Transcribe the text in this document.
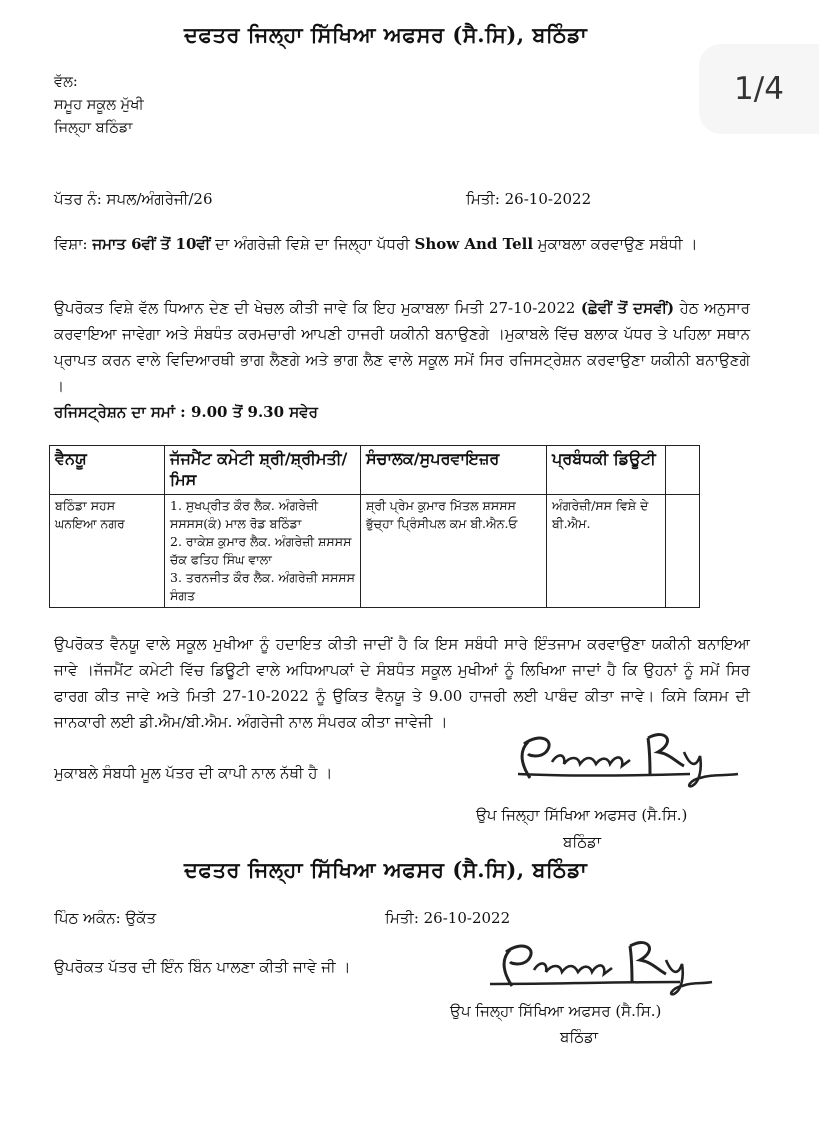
ਦਫਤਰ ਜਿਲ੍ਹਾ ਸਿੱਖਿਆ ਅਫਸਰ (ਸੈ.ਸਿ), ਬਠਿੰਡਾ
1/4
ਵੱਲ:
ਸਮੂਹ ਸਕੂਲ ਮੁੱਖੀ
ਜਿਲ੍ਹਾ ਬਠਿੰਡਾ
ਪੱਤਰ ਨੰ: ਸਪਲ/ਅੰਗਰੇਜੀ/26	ਮਿਤੀ: 26-10-2022
ਵਿਸ਼ਾ: ਜਮਾਤ 6ਵੀਂ ਤੋਂ 10ਵੀਂ ਦਾ ਅੰਗਰੇਜ਼ੀ ਵਿਸ਼ੇ ਦਾ ਜਿਲ੍ਹਾ ਪੱਧਰੀ Show And Tell ਮੁਕਾਬਲਾ ਕਰਵਾਉਣ ਸਬੰਧੀ ।
ਉਪਰੋਕਤ ਵਿਸ਼ੇ ਵੱਲ ਧਿਆਨ ਦੇਣ ਦੀ ਖੇਚਲ ਕੀਤੀ ਜਾਵੇ ਕਿ ਇਹ ਮੁਕਾਬਲਾ ਮਿਤੀ 27-10-2022 (ਛੇਵੀਂ ਤੋਂ ਦਸਵੀਂ) ਹੇਠ ਅਨੁਸਾਰ ਕਰਵਾਇਆ ਜਾਵੇਗਾ ਅਤੇ ਸੰਬਧੰਤ ਕਰਮਚਾਰੀ ਆਪਣੀ ਹਾਜਰੀ ਯਕੀਨੀ ਬਨਾਉਣਗੇ ।ਮੁਕਾਬਲੇ ਵਿੱਚ ਬਲਾਕ ਪੱਧਰ ਤੇ ਪਹਿਲਾ ਸਥਾਨ ਪ੍ਰਾਪਤ ਕਰਨ ਵਾਲੇ ਵਿਦਿਆਰਥੀ ਭਾਗ ਲੈਣਗੇ ਅਤੇ ਭਾਗ ਲੈਣ ਵਾਲੇ ਸਕੂਲ ਸਮੇਂ ਸਿਰ ਰਜਿਸਟ੍ਰੇਸ਼ਨ ਕਰਵਾਉਣਾ ਯਕੀਨੀ ਬਨਾਉਣਗੇ ।
ਰਜਿਸਟ੍ਰੇਸ਼ਨ ਦਾ ਸਮਾਂ : 9.00 ਤੋਂ 9.30 ਸਵੇਰ
ਵੈਨਯੂ	ਜੱਜਮੈਂਟ ਕਮੇਟੀ ਸ਼੍ਰੀ/ਸ਼੍ਰੀਮਤੀ/ਮਿਸ	ਸੰਚਾਲਕ/ਸੁਪਰਵਾਇਜ਼ਰ	ਪ੍ਰਬੰਧਕੀ ਡਿਊਟੀ	
ਬਠਿੰਡਾ ਸਹਸ ਘਨਇਆ ਨਗਰ	1. ਸੁਖਪ੍ਰੀਤ ਕੌਰ ਲੈਕ. ਅੰਗਰੇਜ਼ੀ ਸਸਸਸ(ਕੰ) ਮਾਲ ਰੋਡ ਬਠਿੰਡਾ
2. ਰਾਕੇਸ਼ ਕੁਮਾਰ ਲੈਕ. ਅੰਗਰੇਜ਼ੀ ਸ਼ਸਸਸ ਚੱਕ ਫਤਿਹ ਸਿੰਘ ਵਾਲਾ
3. ਤਰਨਜੀਤ ਕੌਰ ਲੈਕ. ਅੰਗਰੇਜ਼ੀ ਸਸਸਸ ਸੰਗਤ	ਸ਼੍ਰੀ ਪ੍ਰੇਮ ਕੁਮਾਰ ਮਿੱਤਲ ਸ਼ਸਸਸ ਭੁੱਚ੍ਹਾ ਪ੍ਰਿੰਸੀਪਲ ਕਮ ਬੀ.ਐਨ.ਓ	ਅੰਗਰੇਜ਼ੀ/ਸਸ ਵਿਸ਼ੇ ਦੇ ਬੀ.ਐਮ.	
ਉਪਰੋਕਤ ਵੈਨਯੂ ਵਾਲੇ ਸਕੂਲ ਮੁਖੀਆ ਨੂੰ ਹਦਾਇਤ ਕੀਤੀ ਜਾਦੀਂ ਹੈ ਕਿ ਇਸ ਸਬੰਧੀ ਸਾਰੇ ਇੰਤਜਾਮ ਕਰਵਾਉਣਾ ਯਕੀਨੀ ਬਨਾਇਆ ਜਾਵੇ ।ਜੱਜਮੈਂਟ ਕਮੇਟੀ ਵਿੱਚ ਡਿਊਟੀ ਵਾਲੇ ਅਧਿਆਪਕਾਂ ਦੇ ਸੰਬਧੰਤ ਸਕੂਲ ਮੁਖੀਆਂ ਨੂੰ ਲਿਖਿਆ ਜਾਦਾਂ ਹੈ ਕਿ ਉਹਨਾਂ ਨੂੰ ਸਮੇਂ ਸਿਰ ਫਾਰਗ ਕੀਤ ਜਾਵੇ ਅਤੇ ਮਿਤੀ 27-10-2022 ਨੂੰ ਉਕਿਤ ਵੈਨਯੂ ਤੇ 9.00 ਹਾਜਰੀ ਲਈ ਪਾਬੰਦ ਕੀਤਾ ਜਾਵੇ। ਕਿਸੇ ਕਿਸਮ ਦੀ ਜਾਨਕਾਰੀ ਲਈ ਡੀ.ਐਮ/ਬੀ.ਐਮ. ਅੰਗਰੇਜੀ ਨਾਲ ਸੰਪਰਕ ਕੀਤਾ ਜਾਵੇਜੀ ।
ਮੁਕਾਬਲੇ ਸੰਬਧੀ ਮੂਲ ਪੱਤਰ ਦੀ ਕਾਪੀ ਨਾਲ ਨੱਥੀ ਹੈ ।
ਉਪ ਜਿਲ੍ਹਾ ਸਿੱਖਿਆ ਅਫਸਰ (ਸੈ.ਸਿ.)
ਬਠਿੰਡਾ
ਦਫਤਰ ਜਿਲ੍ਹਾ ਸਿੱਖਿਆ ਅਫਸਰ (ਸੈ.ਸਿ), ਬਠਿੰਡਾ
ਪਿੰਠ ਅਕੰਨ: ਉਕੱਤ	ਮਿਤੀ: 26-10-2022
ਉਪਰੋਕਤ ਪੱਤਰ ਦੀ ਇੰਨ ਬਿੰਨ ਪਾਲਣਾ ਕੀਤੀ ਜਾਵੇ ਜੀ ।
ਉਪ ਜਿਲ੍ਹਾ ਸਿੱਖਿਆ ਅਫਸਰ (ਸੈ.ਸਿ.)
ਬਠਿੰਡਾ
